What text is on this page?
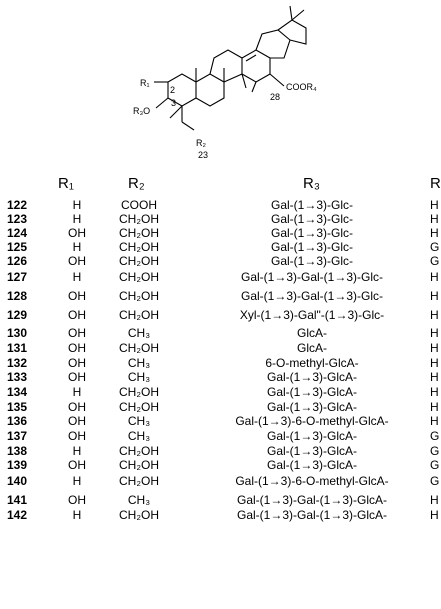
R₁
2
3
R₃O
R₂
23
COOR₄
28
R₁	R₂	R₃	R
122	H	COOH	Gal-(1→3)-Glc-	H
123	H	CH₂OH	Gal-(1→3)-Glc-	H
124	OH	CH₂OH	Gal-(1→3)-Glc-	H
125	H	CH₂OH	Gal-(1→3)-Glc-	G
126	OH	CH₂OH	Gal-(1→3)-Glc-	G
127	H	CH₂OH	Gal-(1→3)-Gal-(1→3)-Glc-	H
128	OH	CH₂OH	Gal-(1→3)-Gal-(1→3)-Glc-	H
129	OH	CH₂OH	Xyl-(1→3)-Gal"-(1→3)-Glc-	H
130	OH	CH₃	GlcA-	H
131	OH	CH₂OH	GlcA-	H
132	OH	CH₃	6-O-methyl-GlcA-	H
133	OH	CH₃	Gal-(1→3)-GlcA-	H
134	H	CH₂OH	Gal-(1→3)-GlcA-	H
135	OH	CH₂OH	Gal-(1→3)-GlcA-	H
136	OH	CH₃	Gal-(1→3)-6-O-methyl-GlcA-	H
137	OH	CH₃	Gal-(1→3)-GlcA-	G
138	H	CH₂OH	Gal-(1→3)-GlcA-	G
139	OH	CH₂OH	Gal-(1→3)-GlcA-	G
140	H	CH₂OH	Gal-(1→3)-6-O-methyl-GlcA-	G
141	OH	CH₃	Gal-(1→3)-Gal-(1→3)-GlcA-	H
142	H	CH₂OH	Gal-(1→3)-Gal-(1→3)-GlcA-	H
